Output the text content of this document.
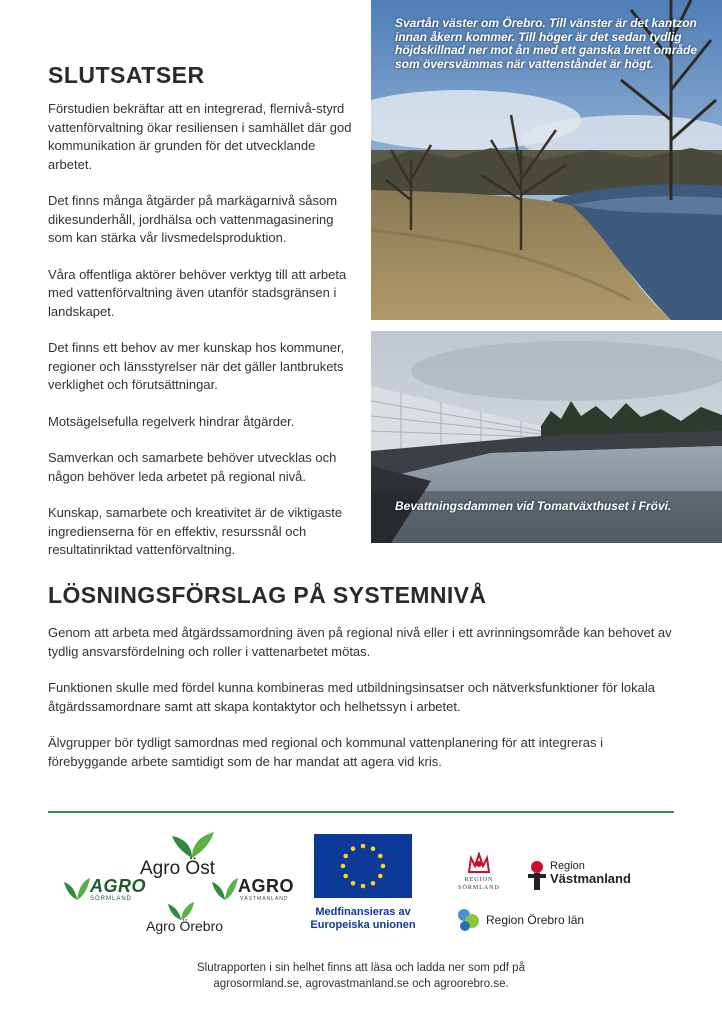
SLUTSATSER

Förstudien bekräftar att en integrerad, flernivå-styrd vattenförvaltning ökar resiliensen i samhället där god kommunikation är grunden för det utvecklande arbetet.

Det finns många åtgärder på markägarnivå såsom dikesunderhåll, jordhälsa och vattenmagasinering som kan stärka vår livsmedelsproduktion.

Våra offentliga aktörer behöver verktyg till att arbeta med vattenförvaltning även utanför stadsgränsen i landskapet.

Det finns ett behov av mer kunskap hos kommuner, regioner och länsstyrelser när det gäller lantbrukets verklighet och förutsättningar.

Motsägelsefulla regelverk hindrar åtgärder.

Samverkan och samarbete behöver utvecklas och någon behöver leda arbetet på regional nivå.

Kunskap, samarbete och kreativitet är de viktigaste ingredienserna för en effektiv, resurssnål och resultatinriktad vattenförvaltning.

Svartån väster om Örebro. Till vänster är det kantzon innan åkern kommer. Till höger är det sedan tydlig höjdskillnad ner mot ån med ett ganska brett område som översvämmas när vattenståndet är högt.
Bevattningsdammen vid Tomatväxthuset i Frövi.
LÖSNINGSFÖRSLAG PÅ SYSTEMNIVÅ

Genom att arbeta med åtgärdssamordning även på regional nivå eller i ett avrinningsområde kan behovet av tydlig ansvarsfördelning och roller i vattenarbetet mötas.

Funktionen skulle med fördel kunna kombineras med utbildningsinsatser och nätverksfunktioner för lokala åtgärdssamordnare samt att skapa kontaktytor och helhetssyn i arbetet.

Älvgrupper bör tydligt samordnas med regional och kommunal vattenplanering för att integreras i förebyggande arbete samtidigt som de har mandat att agera vid kris.

Agro Öst
AGRO
SÖRMLAND
AGRO
VÄSTMANLAND
Agro Örebro
Medfinansieras av
Europeiska unionen
REGION
SÖRMLAND
Region
Västmanland
Region Örebro län
Slutrapporten i sin helhet finns att läsa och ladda ner som pdf på
agrosormland.se, agrovastmanland.se och agroorebro.se.
